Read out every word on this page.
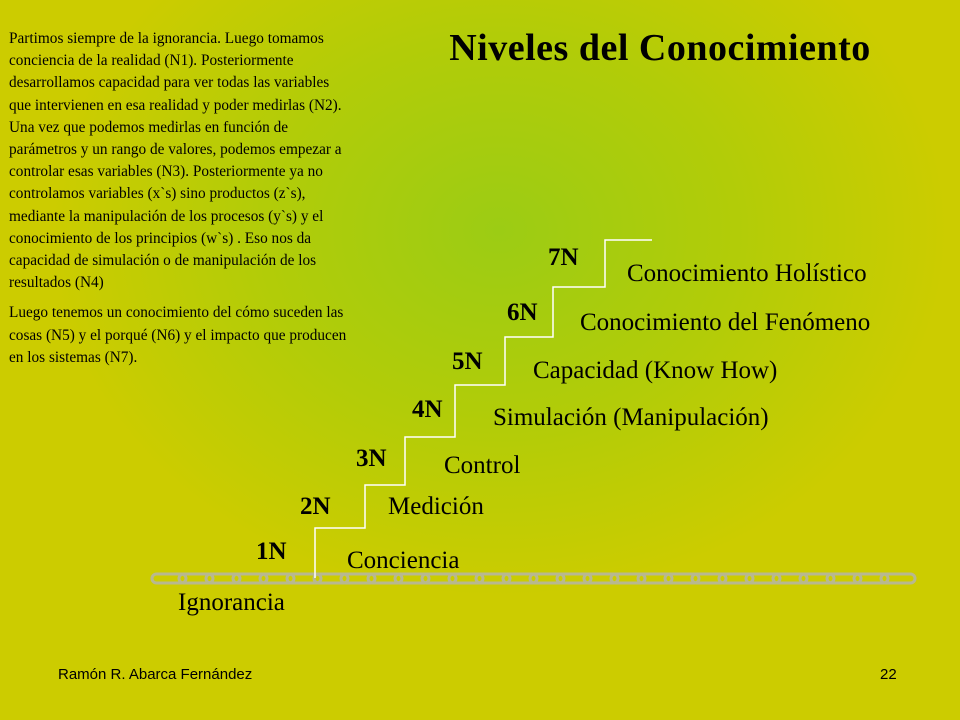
Niveles del Conocimiento

Partimos siempre de la ignorancia. Luego tomamos conciencia de la realidad (N1). Posteriormente desarrollamos capacidad para ver todas las variables que intervienen en esa realidad y poder medirlas (N2). Una vez que podemos medirlas en función de parámetros y un rango de valores, podemos empezar a controlar esas variables (N3). Posteriormente ya no controlamos variables (x`s) sino productos (z`s), mediante la manipulación de los procesos (y`s) y el conocimiento de los principios (w`s) . Eso nos da capacidad de simulación o de manipulación de los resultados (N4)

Luego tenemos un conocimiento del cómo suceden las cosas (N5) y el porqué (N6) y el impacto que producen en los sistemas (N7).

Ignorancia
1N Conciencia
2N Medición
3N Control
4N Simulación (Manipulación)
5N Capacidad (Know How)
6N Conocimiento del Fenómeno
7N
Conocimiento Holístico
Ramón R. Abarca Fernández	22
